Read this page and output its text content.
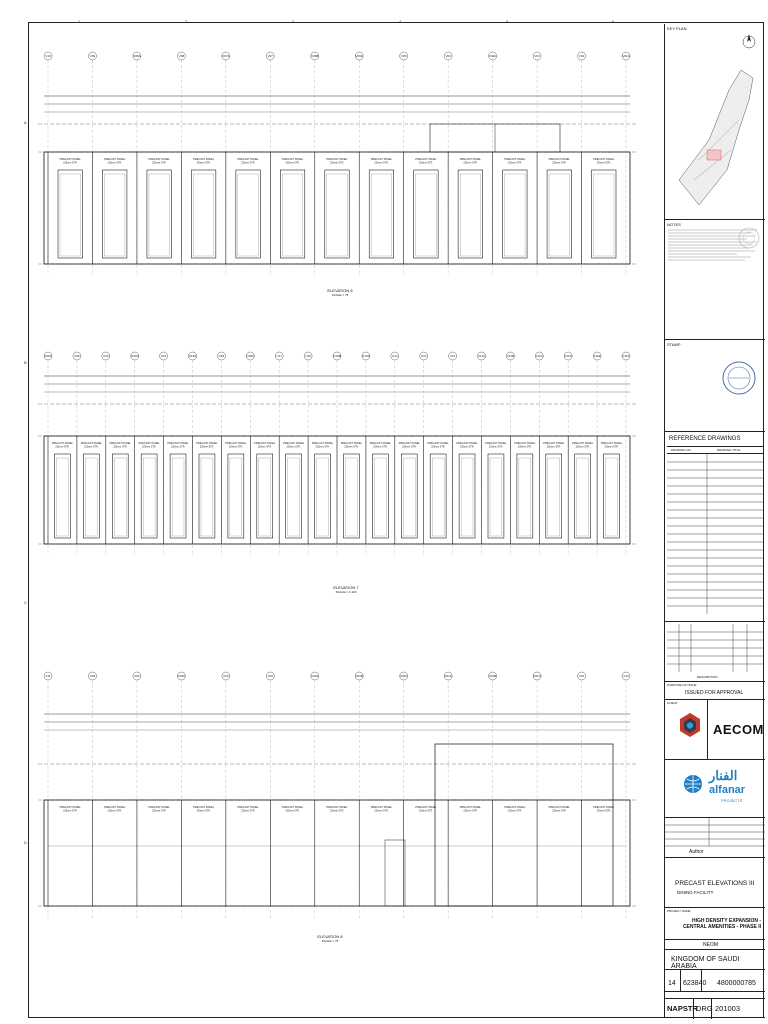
1	2	3	4	5	6
A
B
C
D
V10	V09	V08A	V08	V07A	V07	V06B	V06A	V05	V04	V04A	V03	V01	V01A
PRECAST PANEL
225mm STR.
PRECAST PANEL
225mm STR.
PRECAST PANEL
225mm STR.
PRECAST PANEL
225mm STR.
PRECAST PANEL
225mm STR.
PRECAST PANEL
225mm STR.
PRECAST PANEL
225mm STR.
PRECAST PANEL
225mm STR.
PRECAST PANEL
225mm STR.
PRECAST PANEL
225mm STR.
PRECAST PANEL
225mm STR.
PRECAST PANEL
225mm STR.
PRECAST PANEL
225mm STR.
V05A	V05	U20	U20A	U19	U19A	U18	U18A	U17	U16	U16B	U15A	U14	U13	V11	V11A	V11B	V11C	V11D	V11E	V11F
PRECAST PANEL
225mm STR.
PRECAST PANEL
225mm STR.
PRECAST PANEL
225mm STR.
PRECAST PANEL
225mm STR.
PRECAST PANEL
225mm STR.
PRECAST PANEL
225mm STR.
PRECAST PANEL
225mm STR.
PRECAST PANEL
225mm STR.
PRECAST PANEL
225mm STR.
PRECAST PANEL
225mm STR.
PRECAST PANEL
225mm STR.
PRECAST PANEL
225mm STR.
PRECAST PANEL
225mm STR.
PRECAST PANEL
225mm STR.
PRECAST PANEL
225mm STR.
PRECAST PANEL
225mm STR.
PRECAST PANEL
225mm STR.
PRECAST PANEL
225mm STR.
PRECAST PANEL
225mm STR.
PRECAST PANEL
225mm STR.
V11	V05	V04	V04A	V03	V02	V02A	V02B	V02C	V01A	V01B	V01C	V01	V10
PRECAST PANEL
225mm STR.
PRECAST PANEL
225mm STR.
PRECAST PANEL
225mm STR.
PRECAST PANEL
225mm STR.
PRECAST PANEL
225mm STR.
PRECAST PANEL
225mm STR.
PRECAST PANEL
225mm STR.
PRECAST PANEL
225mm STR.
PRECAST PANEL
225mm STR.
PRECAST PANEL
225mm STR.
PRECAST PANEL
225mm STR.
PRECAST PANEL
225mm STR.
PRECAST PANEL
225mm STR.
ELEVATION 6
SCALE = 75
ELEVATION 7
SCALE = 1:100
ELEVATION 8
SCALE = 75
KEY PLAN
NOTES
STAMP
REFERENCE DRAWINGS
DRAWING NO.	DRAWING TITLE
DESCRIPTION
PURPOSE OF ISSUE
ISSUED FOR APPROVAL
CLIENT
AECOM
الفنار
alfanar
PROJECTS
Author
PRECAST ELEVATIONS III
DINING FACILITY
PROJECT NAME
HIGH DENSITY EXPANSION - CENTRAL AMENITIES - PHASE II
NEOM
KINGDOM OF SAUDI ARABIA
14 623840 4800000785
NAPSTR
DRG 201003
